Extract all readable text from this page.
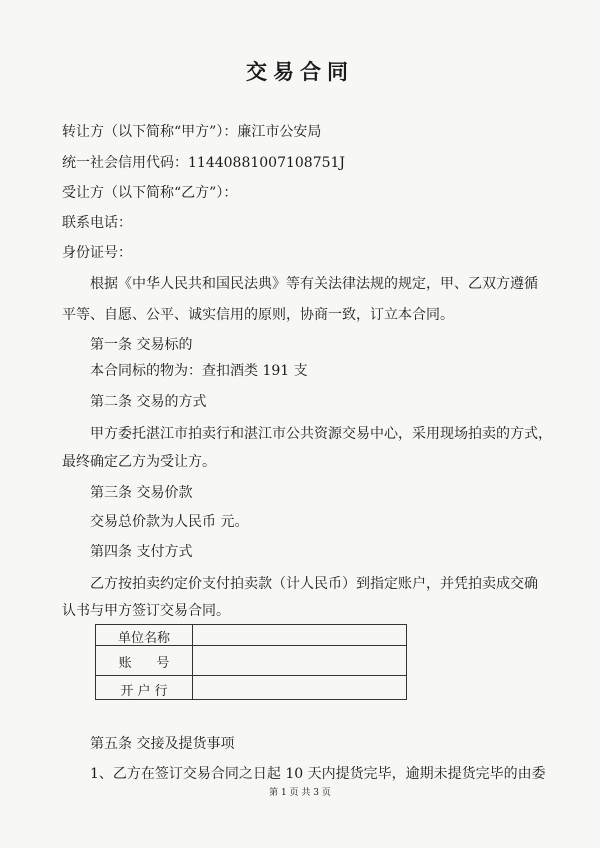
交易合同
转让方（以下简称“甲方”）：廉江市公安局
统一社会信用代码：11440881007108751J
受让方（以下简称“乙方”）：
联系电话：
身份证号：
根据《中华人民共和国民法典》等有关法律法规的规定，甲、乙双方遵循
平等、自愿、公平、诚实信用的原则，协商一致，订立本合同。
第一条 交易标的
本合同标的物为：查扣酒类 191 支
第二条 交易的方式
甲方委托湛江市拍卖行和湛江市公共资源交易中心，采用现场拍卖的方式，
最终确定乙方为受让方。
第三条 交易价款
交易总价款为人民币 元。
第四条 支付方式
乙方按拍卖约定价支付拍卖款（计人民币）到指定账户，并凭拍卖成交确
认书与甲方签订交易合同。
单位名称
账      号
开 户 行
第五条 交接及提货事项
1、乙方在签订交易合同之日起 10 天内提货完毕，逾期未提货完毕的由委
第 1 页 共 3 页
